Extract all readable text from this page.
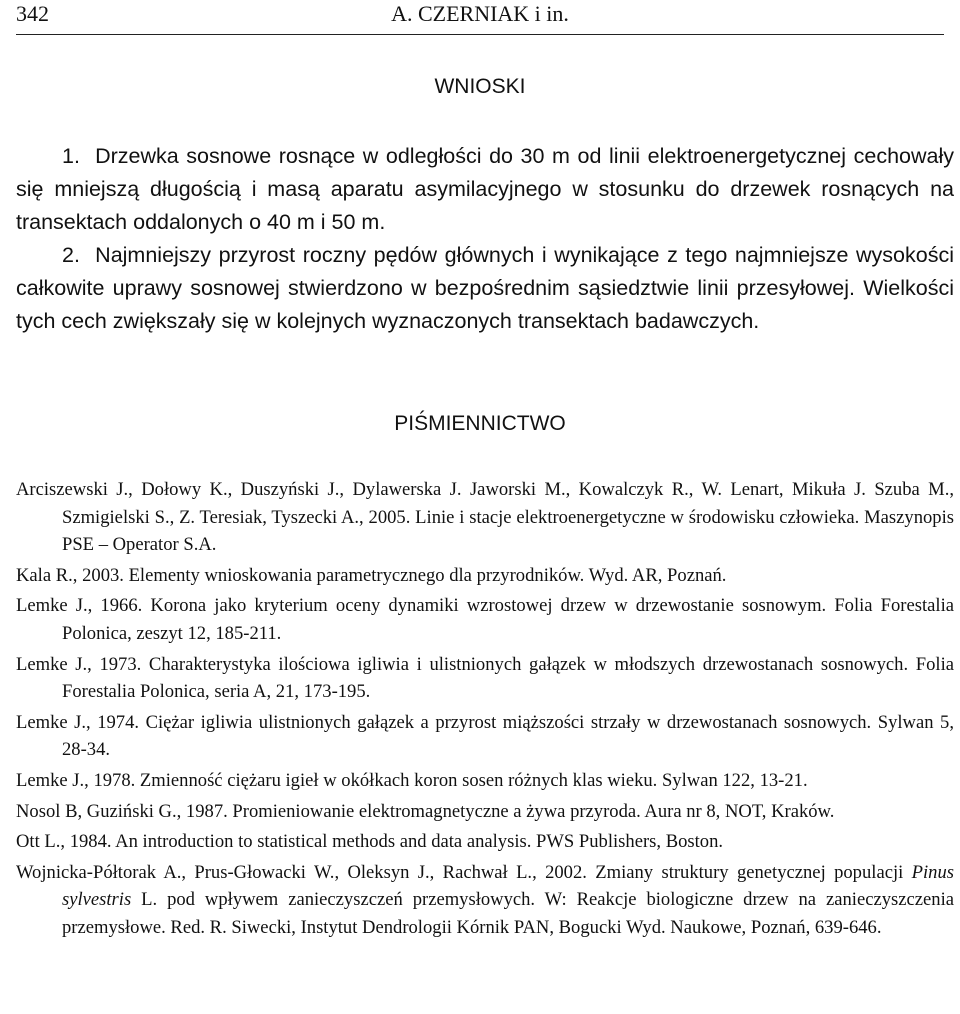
342	A. CZERNIAK i in.
WNIOSKI

1. Drzewka sosnowe rosnące w odległości do 30 m od linii elektroenergetycznej cechowały się mniejszą długością i masą aparatu asymilacyjnego w stosunku do drzewek rosnących na transektach oddalonych o 40 m i 50 m.

2. Najmniejszy przyrost roczny pędów głównych i wynikające z tego najmniejsze wysokości całkowite uprawy sosnowej stwierdzono w bezpośrednim sąsiedztwie linii przesyłowej. Wielkości tych cech zwiększały się w kolejnych wyznaczonych transektach badawczych.

PIŚMIENNICTWO
Arciszewski J., Dołowy K., Duszyński J., Dylawerska J. Jaworski M., Kowalczyk R., W. Lenart, Mikuła J. Szuba M., Szmigielski S., Z. Teresiak, Tyszecki A., 2005. Linie i stacje elektroenergetyczne w środowisku człowieka. Maszynopis PSE – Operator S.A.
Kala R., 2003. Elementy wnioskowania parametrycznego dla przyrodników. Wyd. AR, Poznań.
Lemke J., 1966. Korona jako kryterium oceny dynamiki wzrostowej drzew w drzewostanie sosnowym. Folia Forestalia Polonica, zeszyt 12, 185-211.
Lemke J., 1973. Charakterystyka ilościowa igliwia i ulistnionych gałązek w młodszych drzewostanach sosnowych. Folia Forestalia Polonica, seria A, 21, 173-195.
Lemke J., 1974. Ciężar igliwia ulistnionych gałązek a przyrost miąższości strzały w drzewostanach sosnowych. Sylwan 5, 28-34.
Lemke J., 1978. Zmienność ciężaru igieł w okółkach koron sosen różnych klas wieku. Sylwan 122, 13-21.
Nosol B, Guziński G., 1987. Promieniowanie elektromagnetyczne a żywa przyroda. Aura nr 8, NOT, Kraków.
Ott L., 1984. An introduction to statistical methods and data analysis. PWS Publishers, Boston.
Wojnicka-Półtorak A., Prus-Głowacki W., Oleksyn J., Rachwał L., 2002. Zmiany struktury genetycznej populacji Pinus sylvestris L. pod wpływem zanieczyszczeń przemysłowych. W: Reakcje biologiczne drzew na zanieczyszczenia przemysłowe. Red. R. Siwecki, Instytut Dendrologii Kórnik PAN, Bogucki Wyd. Naukowe, Poznań, 639-646.
